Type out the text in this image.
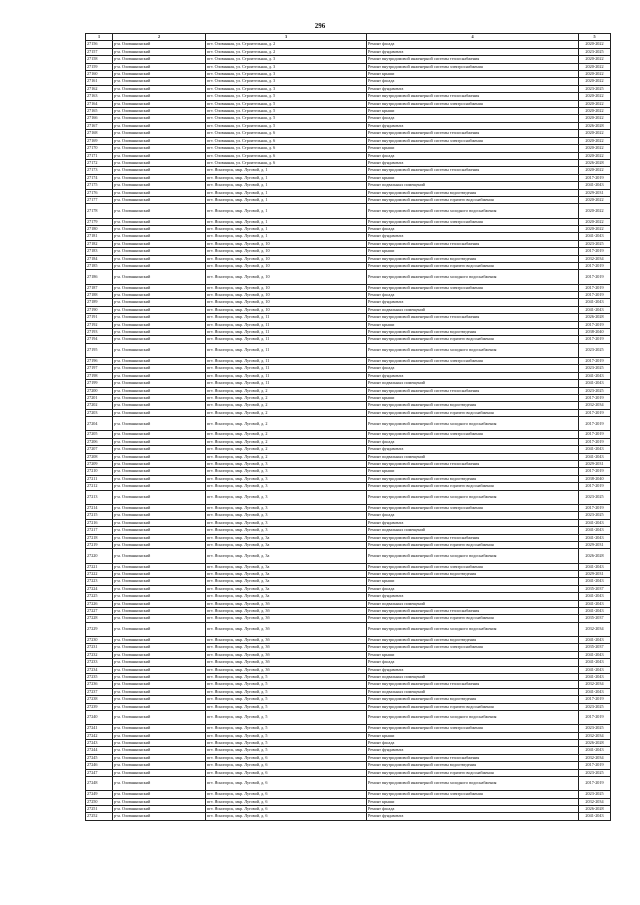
296
1	2	3	4	5
27156	р-н. Оловяннинский	пгт. Оловянная, ул. Строительная, д. 2	Ремонт фасада	2020-2022
27157	р-н. Оловяннинский	пгт. Оловянная, ул. Строительная, д. 2	Ремонт фундамента	2023-2025
27158	р-н. Оловяннинский	пгт. Оловянная, ул. Строительная, д. 3	Ремонт внутридомовой инженерной системы теплоснабжения	2020-2022
27159	р-н. Оловяннинский	пгт. Оловянная, ул. Строительная, д. 3	Ремонт внутридомовой инженерной системы электроснабжения	2020-2022
27160	р-н. Оловяннинский	пгт. Оловянная, ул. Строительная, д. 3	Ремонт крыши	2020-2022
27161	р-н. Оловяннинский	пгт. Оловянная, ул. Строительная, д. 3	Ремонт фасада	2020-2022
27162	р-н. Оловяннинский	пгт. Оловянная, ул. Строительная, д. 3	Ремонт фундамента	2023-2025
27163	р-н. Оловяннинский	пгт. Оловянная, ул. Строительная, д. 5	Ремонт внутридомовой инженерной системы теплоснабжения	2020-2022
27164	р-н. Оловяннинский	пгт. Оловянная, ул. Строительная, д. 5	Ремонт внутридомовой инженерной системы электроснабжения	2020-2022
27165	р-н. Оловяннинский	пгт. Оловянная, ул. Строительная, д. 5	Ремонт крыши	2020-2022
27166	р-н. Оловяннинский	пгт. Оловянная, ул. Строительная, д. 5	Ремонт фасада	2020-2022
27167	р-н. Оловяннинский	пгт. Оловянная, ул. Строительная, д. 5	Ремонт фундамента	2026-2028
27168	р-н. Оловяннинский	пгт. Оловянная, ул. Строительная, д. 6	Ремонт внутридомовой инженерной системы теплоснабжения	2020-2022
27169	р-н. Оловяннинский	пгт. Оловянная, ул. Строительная, д. 6	Ремонт внутридомовой инженерной системы электроснабжения	2020-2022
27170	р-н. Оловяннинский	пгт. Оловянная, ул. Строительная, д. 6	Ремонт крыши	2020-2022
27171	р-н. Оловяннинский	пгт. Оловянная, ул. Строительная, д. 6	Ремонт фасада	2020-2022
27172	р-н. Оловяннинский	пгт. Оловянная, ул. Строительная, д. 6	Ремонт фундамента	2026-2028
27173	р-н. Оловяннинский	пгт. Ясногорск, мкр. Луговой, д. 1	Ремонт внутридомовой инженерной системы теплоснабжения	2020-2022
27174	р-н. Оловяннинский	пгт. Ясногорск, мкр. Луговой, д. 1	Ремонт крыши	2017-2019
27175	р-н. Оловяннинский	пгт. Ясногорск, мкр. Луговой, д. 1	Ремонт подвальных помещений	2041-2043
27176	р-н. Оловяннинский	пгт. Ясногорск, мкр. Луговой, д. 1	Ремонт внутридомовой инженерной системы водоотведения	2029-2031
27177	р-н. Оловяннинский	пгт. Ясногорск, мкр. Луговой, д. 1	Ремонт внутридомовой инженерной системы горячего водоснабжения	2020-2022
27178	р-н. Оловяннинский	пгт. Ясногорск, мкр. Луговой, д. 1	Ремонт внутридомовой инженерной системы холодного водоснабжения	2020-2022
27179	р-н. Оловяннинский	пгт. Ясногорск, мкр. Луговой, д. 1	Ремонт внутридомовой инженерной системы электроснабжения	2020-2022
27180	р-н. Оловяннинский	пгт. Ясногорск, мкр. Луговой, д. 1	Ремонт фасада	2020-2022
27181	р-н. Оловяннинский	пгт. Ясногорск, мкр. Луговой, д. 1	Ремонт фундамента	2041-2043
27182	р-н. Оловяннинский	пгт. Ясногорск, мкр. Луговой, д. 10	Ремонт внутридомовой инженерной системы теплоснабжения	2023-2025
27183	р-н. Оловяннинский	пгт. Ясногорск, мкр. Луговой, д. 10	Ремонт крыши	2017-2019
27184	р-н. Оловяннинский	пгт. Ясногорск, мкр. Луговой, д. 10	Ремонт внутридомовой инженерной системы водоотведения	2032-2034
27185	р-н. Оловяннинский	пгт. Ясногорск, мкр. Луговой, д. 10	Ремонт внутридомовой инженерной системы горячего водоснабжения	2017-2019
27186	р-н. Оловяннинский	пгт. Ясногорск, мкр. Луговой, д. 10	Ремонт внутридомовой инженерной системы холодного водоснабжения	2017-2019
27187	р-н. Оловяннинский	пгт. Ясногорск, мкр. Луговой, д. 10	Ремонт внутридомовой инженерной системы электроснабжения	2017-2019
27188	р-н. Оловяннинский	пгт. Ясногорск, мкр. Луговой, д. 10	Ремонт фасада	2017-2019
27189	р-н. Оловяннинский	пгт. Ясногорск, мкр. Луговой, д. 10	Ремонт фундамента	2041-2043
27190	р-н. Оловяннинский	пгт. Ясногорск, мкр. Луговой, д. 10	Ремонт подвальных помещений	2041-2043
27191	р-н. Оловяннинский	пгт. Ясногорск, мкр. Луговой, д. 11	Ремонт внутридомовой инженерной системы теплоснабжения	2026-2028
27192	р-н. Оловяннинский	пгт. Ясногорск, мкр. Луговой, д. 11	Ремонт крыши	2017-2019
27193	р-н. Оловяннинский	пгт. Ясногорск, мкр. Луговой, д. 11	Ремонт внутридомовой инженерной системы водоотведения	2038-2040
27194	р-н. Оловяннинский	пгт. Ясногорск, мкр. Луговой, д. 11	Ремонт внутридомовой инженерной системы горячего водоснабжения	2017-2019
27195	р-н. Оловяннинский	пгт. Ясногорск, мкр. Луговой, д. 11	Ремонт внутридомовой инженерной системы холодного водоснабжения	2023-2025
27196	р-н. Оловяннинский	пгт. Ясногорск, мкр. Луговой, д. 11	Ремонт внутридомовой инженерной системы электроснабжения	2017-2019
27197	р-н. Оловяннинский	пгт. Ясногорск, мкр. Луговой, д. 11	Ремонт фасада	2023-2025
27198	р-н. Оловяннинский	пгт. Ясногорск, мкр. Луговой, д. 11	Ремонт фундамента	2041-2043
27199	р-н. Оловяннинский	пгт. Ясногорск, мкр. Луговой, д. 11	Ремонт подвальных помещений	2041-2043
27200	р-н. Оловяннинский	пгт. Ясногорск, мкр. Луговой, д. 2	Ремонт внутридомовой инженерной системы теплоснабжения	2023-2025
27201	р-н. Оловяннинский	пгт. Ясногорск, мкр. Луговой, д. 2	Ремонт крыши	2017-2019
27202	р-н. Оловяннинский	пгт. Ясногорск, мкр. Луговой, д. 2	Ремонт внутридомовой инженерной системы водоотведения	2032-2034
27203	р-н. Оловяннинский	пгт. Ясногорск, мкр. Луговой, д. 2	Ремонт внутридомовой инженерной системы горячего водоснабжения	2017-2019
27204	р-н. Оловяннинский	пгт. Ясногорск, мкр. Луговой, д. 2	Ремонт внутридомовой инженерной системы холодного водоснабжения	2017-2019
27205	р-н. Оловяннинский	пгт. Ясногорск, мкр. Луговой, д. 2	Ремонт внутридомовой инженерной системы электроснабжения	2017-2019
27206	р-н. Оловяннинский	пгт. Ясногорск, мкр. Луговой, д. 2	Ремонт фасада	2017-2019
27207	р-н. Оловяннинский	пгт. Ясногорск, мкр. Луговой, д. 2	Ремонт фундамента	2041-2043
27208	р-н. Оловяннинский	пгт. Ясногорск, мкр. Луговой, д. 2	Ремонт подвальных помещений	2041-2043
27209	р-н. Оловяннинский	пгт. Ясногорск, мкр. Луговой, д. 3	Ремонт внутридомовой инженерной системы теплоснабжения	2029-2031
27210	р-н. Оловяннинский	пгт. Ясногорск, мкр. Луговой, д. 3	Ремонт крыши	2017-2019
27211	р-н. Оловяннинский	пгт. Ясногорск, мкр. Луговой, д. 3	Ремонт внутридомовой инженерной системы водоотведения	2038-2040
27212	р-н. Оловяннинский	пгт. Ясногорск, мкр. Луговой, д. 3	Ремонт внутридомовой инженерной системы горячего водоснабжения	2017-2019
27213	р-н. Оловяннинский	пгт. Ясногорск, мкр. Луговой, д. 3	Ремонт внутридомовой инженерной системы холодного водоснабжения	2023-2025
27214	р-н. Оловяннинский	пгт. Ясногорск, мкр. Луговой, д. 3	Ремонт внутридомовой инженерной системы электроснабжения	2017-2019
27215	р-н. Оловяннинский	пгт. Ясногорск, мкр. Луговой, д. 3	Ремонт фасада	2023-2025
27216	р-н. Оловяннинский	пгт. Ясногорск, мкр. Луговой, д. 3	Ремонт фундамента	2041-2043
27217	р-н. Оловяннинский	пгт. Ясногорск, мкр. Луговой, д. 3	Ремонт подвальных помещений	2041-2043
27218	р-н. Оловяннинский	пгт. Ясногорск, мкр. Луговой, д. 3а	Ремонт внутридомовой инженерной системы теплоснабжения	2041-2043
27219	р-н. Оловяннинский	пгт. Ясногорск, мкр. Луговой, д. 3а	Ремонт внутридомовой инженерной системы горячего водоснабжения	2029-2031
27220	р-н. Оловяннинский	пгт. Ясногорск, мкр. Луговой, д. 3а	Ремонт внутридомовой инженерной системы холодного водоснабжения	2026-2028
27221	р-н. Оловяннинский	пгт. Ясногорск, мкр. Луговой, д. 3а	Ремонт внутридомовой инженерной системы электроснабжения	2041-2043
27222	р-н. Оловяннинский	пгт. Ясногорск, мкр. Луговой, д. 3а	Ремонт внутридомовой инженерной системы водоотведения	2029-2031
27223	р-н. Оловяннинский	пгт. Ясногорск, мкр. Луговой, д. 3а	Ремонт крыши	2041-2043
27224	р-н. Оловяннинский	пгт. Ясногорск, мкр. Луговой, д. 3а	Ремонт фасада	2035-2037
27225	р-н. Оловяннинский	пгт. Ясногорск, мкр. Луговой, д. 3а	Ремонт фундамента	2041-2043
27226	р-н. Оловяннинский	пгт. Ясногорск, мкр. Луговой, д. 3б	Ремонт подвальных помещений	2041-2043
27227	р-н. Оловяннинский	пгт. Ясногорск, мкр. Луговой, д. 3б	Ремонт внутридомовой инженерной системы теплоснабжения	2041-2043
27228	р-н. Оловяннинский	пгт. Ясногорск, мкр. Луговой, д. 3б	Ремонт внутридомовой инженерной системы горячего водоснабжения	2035-2037
27229	р-н. Оловяннинский	пгт. Ясногорск, мкр. Луговой, д. 3б	Ремонт внутридомовой инженерной системы холодного водоснабжения	2032-2034
27230	р-н. Оловяннинский	пгт. Ясногорск, мкр. Луговой, д. 3б	Ремонт внутридомовой инженерной системы водоотведения	2041-2043
27231	р-н. Оловяннинский	пгт. Ясногорск, мкр. Луговой, д. 3б	Ремонт внутридомовой инженерной системы электроснабжения	2035-2037
27232	р-н. Оловяннинский	пгт. Ясногорск, мкр. Луговой, д. 3б	Ремонт крыши	2041-2043
27233	р-н. Оловяннинский	пгт. Ясногорск, мкр. Луговой, д. 3б	Ремонт фасада	2041-2043
27234	р-н. Оловяннинский	пгт. Ясногорск, мкр. Луговой, д. 3б	Ремонт фундамента	2041-2043
27235	р-н. Оловяннинский	пгт. Ясногорск, мкр. Луговой, д. 5	Ремонт подвальных помещений	2041-2043
27236	р-н. Оловяннинский	пгт. Ясногорск, мкр. Луговой, д. 5	Ремонт внутридомовой инженерной системы теплоснабжения	2032-2034
27237	р-н. Оловяннинский	пгт. Ясногорск, мкр. Луговой, д. 5	Ремонт подвальных помещений	2041-2043
27238	р-н. Оловяннинский	пгт. Ясногорск, мкр. Луговой, д. 5	Ремонт внутридомовой инженерной системы водоотведения	2017-2019
27239	р-н. Оловяннинский	пгт. Ясногорск, мкр. Луговой, д. 5	Ремонт внутридомовой инженерной системы горячего водоснабжения	2023-2025
27240	р-н. Оловяннинский	пгт. Ясногорск, мкр. Луговой, д. 5	Ремонт внутридомовой инженерной системы холодного водоснабжения	2017-2019
27241	р-н. Оловяннинский	пгт. Ясногорск, мкр. Луговой, д. 5	Ремонт внутридомовой инженерной системы электроснабжения	2023-2025
27242	р-н. Оловяннинский	пгт. Ясногорск, мкр. Луговой, д. 5	Ремонт крыши	2032-2034
27243	р-н. Оловяннинский	пгт. Ясногорск, мкр. Луговой, д. 5	Ремонт фасада	2026-2028
27244	р-н. Оловяннинский	пгт. Ясногорск, мкр. Луговой, д. 5	Ремонт фундамента	2041-2043
27245	р-н. Оловяннинский	пгт. Ясногорск, мкр. Луговой, д. 6	Ремонт внутридомовой инженерной системы теплоснабжения	2032-2034
27246	р-н. Оловяннинский	пгт. Ясногорск, мкр. Луговой, д. 6	Ремонт внутридомовой инженерной системы водоотведения	2017-2019
27247	р-н. Оловяннинский	пгт. Ясногорск, мкр. Луговой, д. 6	Ремонт внутридомовой инженерной системы горячего водоснабжения	2023-2025
27248	р-н. Оловяннинский	пгт. Ясногорск, мкр. Луговой, д. 6	Ремонт внутридомовой инженерной системы холодного водоснабжения	2017-2019
27249	р-н. Оловяннинский	пгт. Ясногорск, мкр. Луговой, д. 6	Ремонт внутридомовой инженерной системы электроснабжения	2023-2025
27250	р-н. Оловяннинский	пгт. Ясногорск, мкр. Луговой, д. 6	Ремонт крыши	2032-2034
27251	р-н. Оловяннинский	пгт. Ясногорск, мкр. Луговой, д. 6	Ремонт фасада	2026-2028
27252	р-н. Оловяннинский	пгт. Ясногорск, мкр. Луговой, д. 6	Ремонт фундамента	2041-2043
